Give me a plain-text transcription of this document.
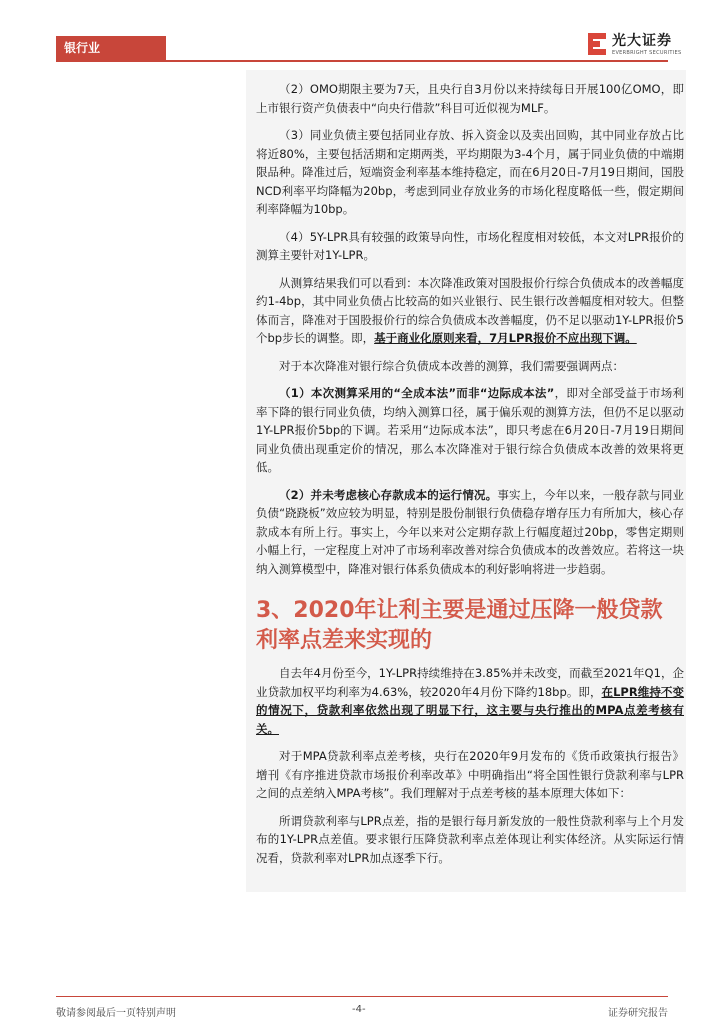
银行业	光大证券
EVERBRIGHT SECURITIES

（2）OMO期限主要为7天，且央行自3月份以来持续每日开展100亿OMO，即上市银行资产负债表中“向央行借款”科目可近似视为MLF。

（3）同业负债主要包括同业存放、拆入资金以及卖出回购，其中同业存放占比将近80%，主要包括活期和定期两类，平均期限为3-4个月，属于同业负债的中端期限品种。降准过后，短端资金利率基本维持稳定，而在6月20日-7月19日期间，国股NCD利率平均降幅为20bp，考虑到同业存放业务的市场化程度略低一些，假定期间利率降幅为10bp。

（4）5Y-LPR具有较强的政策导向性，市场化程度相对较低，本文对LPR报价的测算主要针对1Y-LPR。

从测算结果我们可以看到：本次降准政策对国股报价行综合负债成本的改善幅度约1-4bp，其中同业负债占比较高的如兴业银行、民生银行改善幅度相对较大。但整体而言，降准对于国股报价行的综合负债成本改善幅度，仍不足以驱动1Y-LPR报价5个bp步长的调整。即，基于商业化原则来看，7月LPR报价不应出现下调。

对于本次降准对银行综合负债成本改善的测算，我们需要强调两点：

（1）本次测算采用的“全成本法”而非“边际成本法”，即对全部受益于市场利率下降的银行同业负债，均纳入测算口径，属于偏乐观的测算方法，但仍不足以驱动1Y-LPR报价5bp的下调。若采用“边际成本法”，即只考虑在6月20日-7月19日期间同业负债出现重定价的情况，那么本次降准对于银行综合负债成本改善的效果将更低。

（2）并未考虑核心存款成本的运行情况。事实上，今年以来，一般存款与同业负债“跷跷板”效应较为明显，特别是股份制银行负债稳存增存压力有所加大，核心存款成本有所上行。事实上，今年以来对公定期存款上行幅度超过20bp，零售定期则小幅上行，一定程度上对冲了市场利率改善对综合负债成本的改善效应。若将这一块纳入测算模型中，降准对银行体系负债成本的利好影响将进一步趋弱。

3、2020年让利主要是通过压降一般贷款利率点差来实现的

自去年4月份至今，1Y-LPR持续维持在3.85%并未改变，而截至2021年Q1，企业贷款加权平均利率为4.63%，较2020年4月份下降约18bp。即，在LPR维持不变的情况下，贷款利率依然出现了明显下行，这主要与央行推出的MPA点差考核有关。

对于MPA贷款利率点差考核，央行在2020年9月发布的《货币政策执行报告》增刊《有序推进贷款市场报价利率改革》中明确指出“将全国性银行贷款利率与LPR之间的点差纳入MPA考核”。我们理解对于点差考核的基本原理大体如下：

所谓贷款利率与LPR点差，指的是银行每月新发放的一般性贷款利率与上个月发布的1Y-LPR点差值。要求银行压降贷款利率点差体现让利实体经济。从实际运行情况看，贷款利率对LPR加点逐季下行。

敬请参阅最后一页特别声明	-4-	证券研究报告
